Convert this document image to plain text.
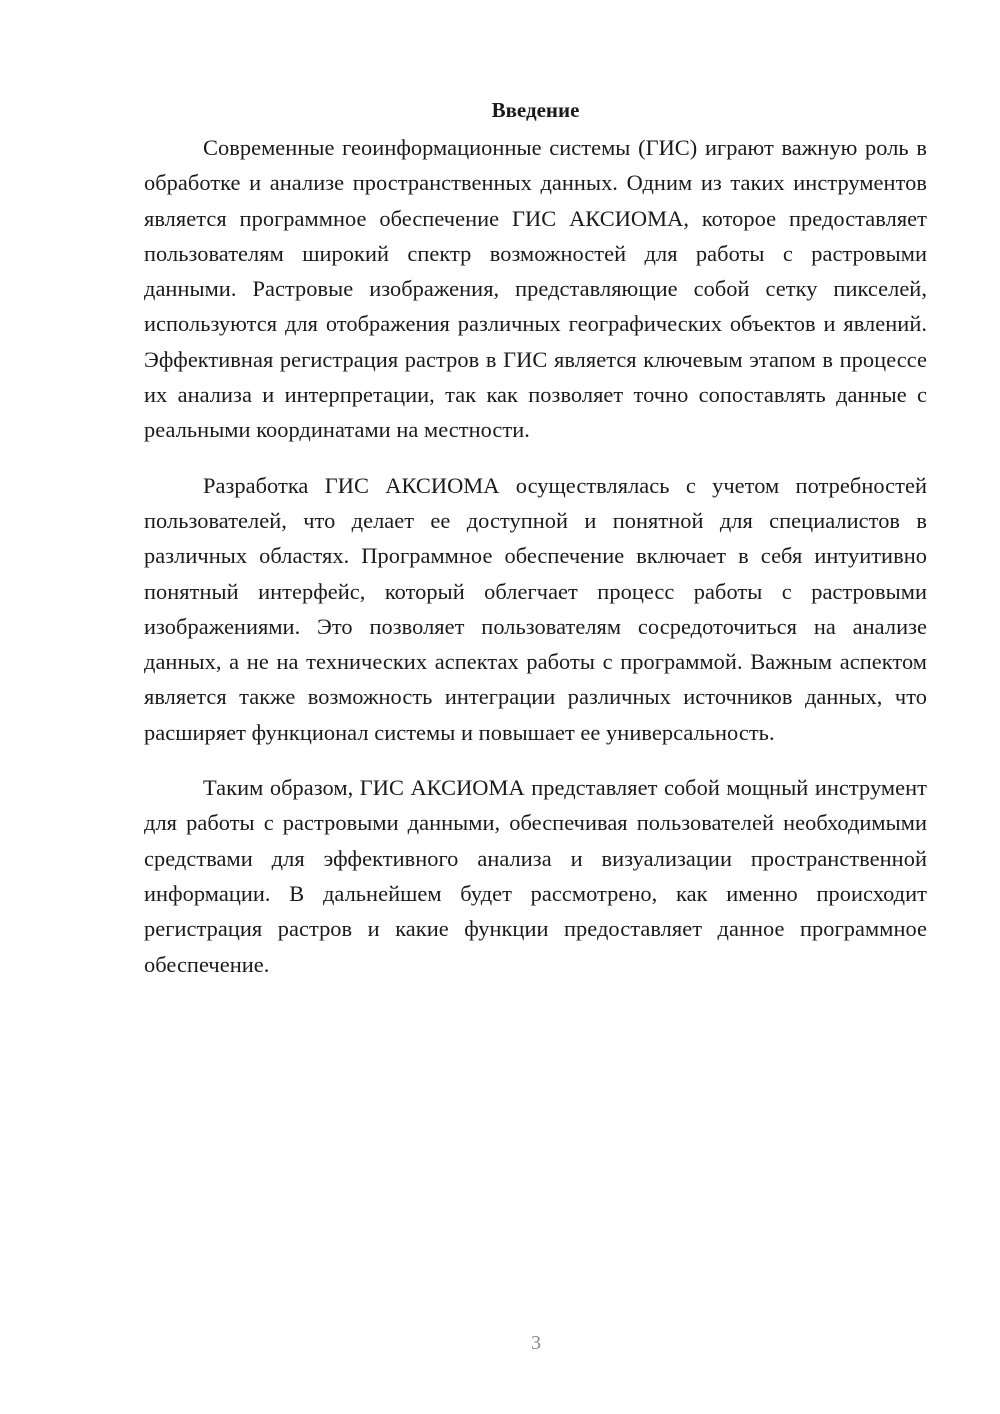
Введение

Современные геоинформационные системы (ГИС) играют важную роль в обработке и анализе пространственных данных. Одним из таких инструментов является программное обеспечение ГИС АКСИОМА, которое предоставляет пользователям широкий спектр возможностей для работы с растровыми данными. Растровые изображения, представляющие собой сетку пикселей, используются для отображения различных географических объектов и явлений. Эффективная регистрация растров в ГИС является ключевым этапом в процессе их анализа и интерпретации, так как позволяет точно сопоставлять данные с реальными координатами на местности.

Разработка ГИС АКСИОМА осуществлялась с учетом потребностей пользователей, что делает ее доступной и понятной для специалистов в различных областях. Программное обеспечение включает в себя интуитивно понятный интерфейс, который облегчает процесс работы с растровыми изображениями. Это позволяет пользователям сосредоточиться на анализе данных, а не на технических аспектах работы с программой. Важным аспектом является также возможность интеграции различных источников данных, что расширяет функционал системы и повышает ее универсальность.

Таким образом, ГИС АКСИОМА представляет собой мощный инструмент для работы с растровыми данными, обеспечивая пользователей необходимыми средствами для эффективного анализа и визуализации пространственной информации. В дальнейшем будет рассмотрено, как именно происходит регистрация растров и какие функции предоставляет данное программное обеспечение.

3
